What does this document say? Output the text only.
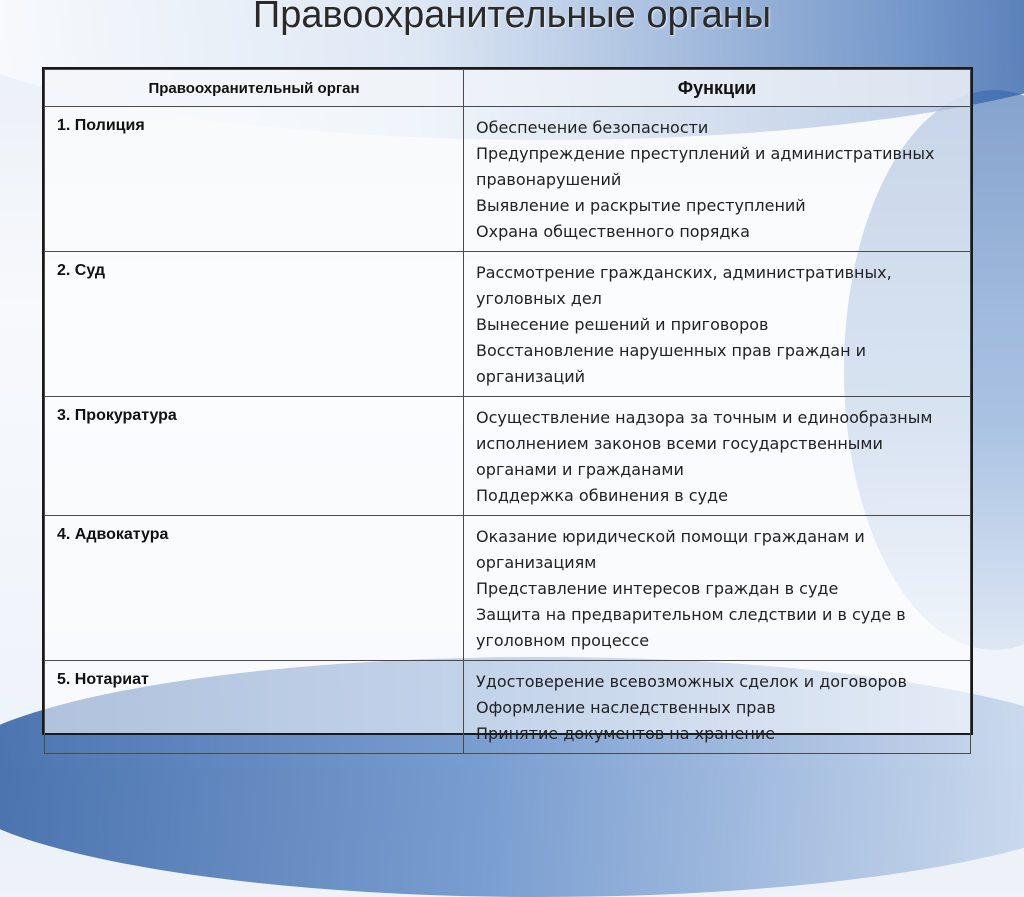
Правоохранительные органы
Правоохранительный орган	Функции
1. Полиция	Обеспечение безопасности
Предупреждение преступлений и административных правонарушений
Выявление и раскрытие преступлений
Охрана общественного порядка

2. Суд	Рассмотрение гражданских, административных, уголовных дел
Вынесение решений и приговоров
Восстановление нарушенных прав граждан и организаций

3. Прокуратура	Осуществление надзора за точным и единообразным исполнением законов всеми государственными органами и гражданами
Поддержка обвинения в суде

4. Адвокатура	Оказание юридической помощи гражданам и организациям
Представление интересов граждан в суде
Защита на предварительном следствии и в суде в уголовном процессе

5. Нотариат	Удостоверение всевозможных сделок и договоров
Оформление наследственных прав
Принятие документов на хранение
